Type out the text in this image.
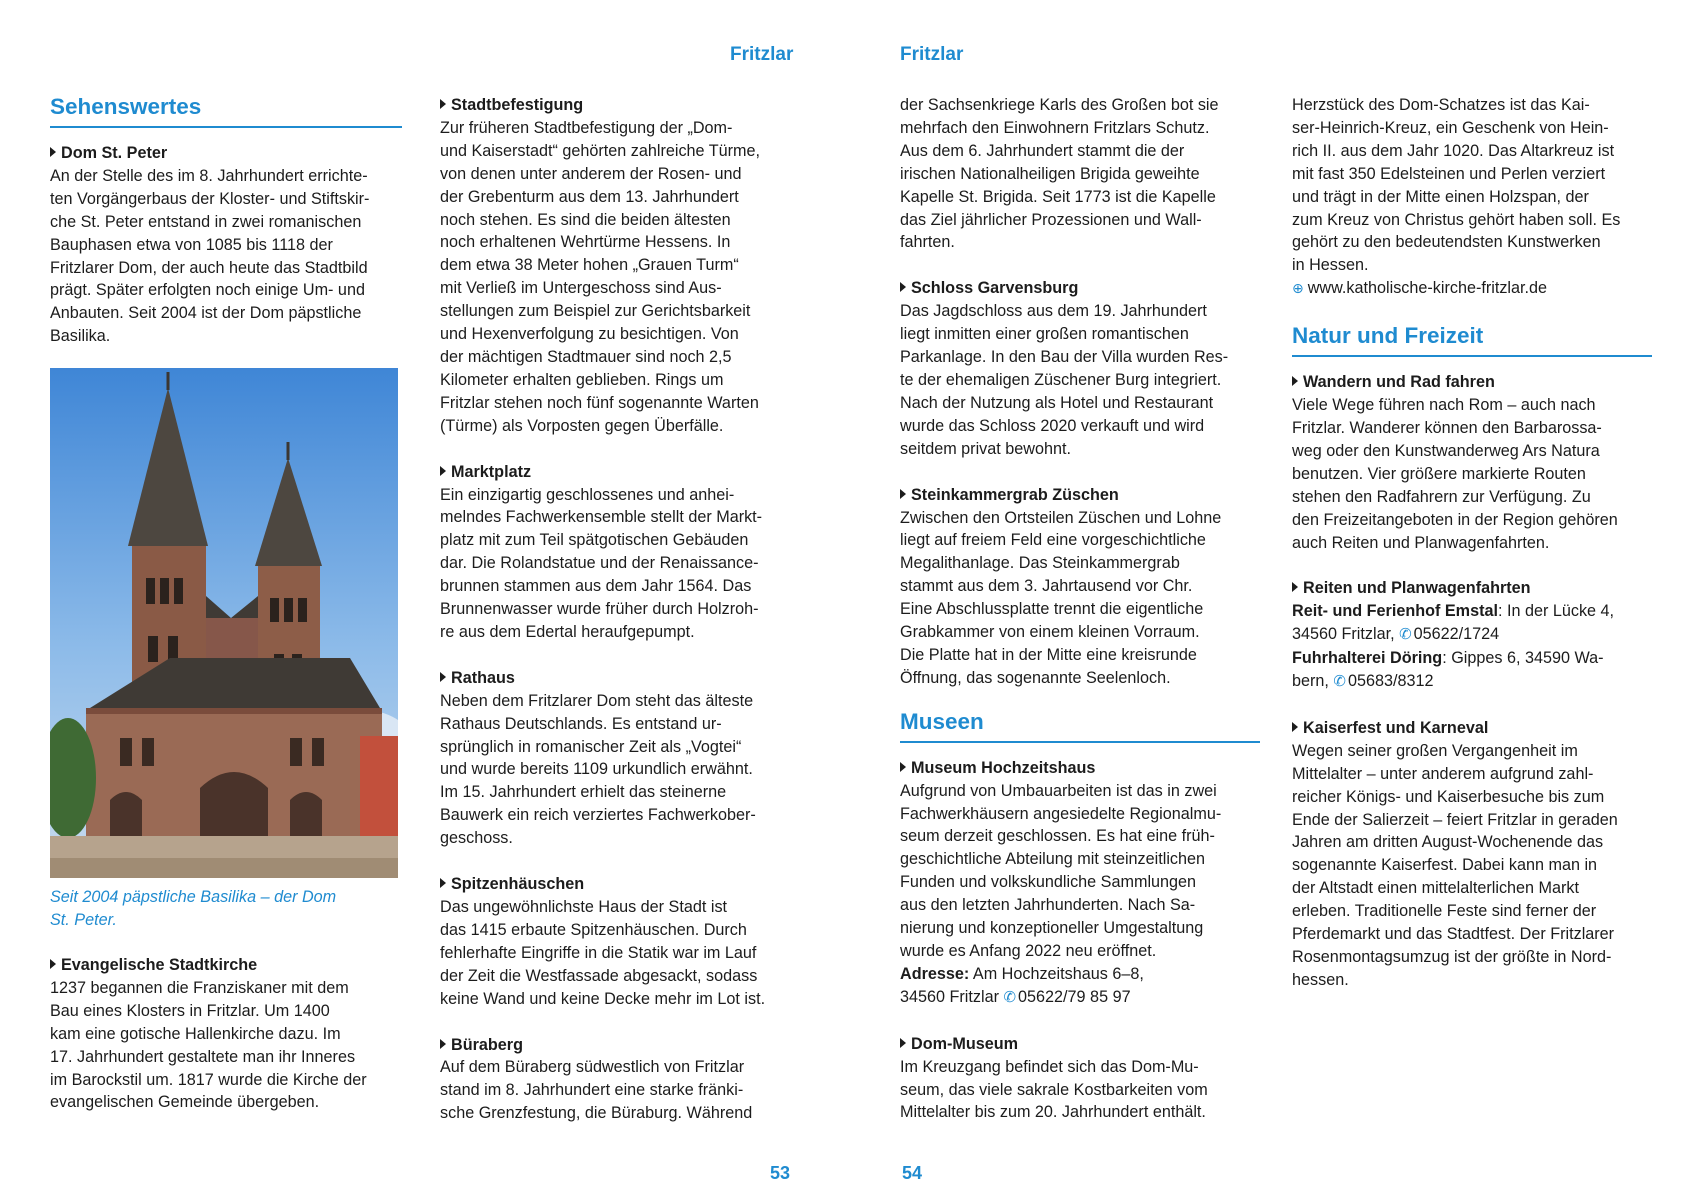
Fritzlar	Fritzlar
Sehenswertes
Dom St. Peter

An der Stelle des im 8. Jahrhundert errichte-

ten Vorgängerbaus der Kloster- und Stiftskir-

che St. Peter entstand in zwei romanischen

Bauphasen etwa von 1085 bis 1118 der

Fritzlarer Dom, der auch heute das Stadtbild

prägt. Später erfolgten noch einige Um- und

Anbauten. Seit 2004 ist der Dom päpstliche

Basilika.

Seit 2004 päpstliche Basilika – der Dom

St. Peter.

Evangelische Stadtkirche

1237 begannen die Franziskaner mit dem

Bau eines Klosters in Fritzlar. Um 1400

kam eine gotische Hallenkirche dazu. Im

17. Jahrhundert gestaltete man ihr Inneres

im Barockstil um. 1817 wurde die Kirche der

evangelischen Gemeinde übergeben.

Stadtbefestigung

Zur früheren Stadtbefestigung der „Dom-

und Kaiserstadt“ gehörten zahlreiche Türme,

von denen unter anderem der Rosen- und

der Grebenturm aus dem 13. Jahrhundert

noch stehen. Es sind die beiden ältesten

noch erhaltenen Wehrtürme Hessens. In

dem etwa 38 Meter hohen „Grauen Turm“

mit Verließ im Untergeschoss sind Aus-

stellungen zum Beispiel zur Gerichtsbarkeit

und Hexenverfolgung zu besichtigen. Von

der mächtigen Stadtmauer sind noch 2,5

Kilometer erhalten geblieben. Rings um

Fritzlar stehen noch fünf sogenannte Warten

(Türme) als Vorposten gegen Überfälle.

Marktplatz

Ein einzigartig geschlossenes und anhei-

melndes Fachwerkensemble stellt der Markt-

platz mit zum Teil spätgotischen Gebäuden

dar. Die Rolandstatue und der Renaissance-

brunnen stammen aus dem Jahr 1564. Das

Brunnenwasser wurde früher durch Holzroh-

re aus dem Edertal heraufgepumpt.

Rathaus

Neben dem Fritzlarer Dom steht das älteste

Rathaus Deutschlands. Es entstand ur-

sprünglich in romanischer Zeit als „Vogtei“

und wurde bereits 1109 urkundlich erwähnt.

Im 15. Jahrhundert erhielt das steinerne

Bauwerk ein reich verziertes Fachwerkober-

geschoss.

Spitzenhäuschen

Das ungewöhnlichste Haus der Stadt ist

das 1415 erbaute Spitzenhäuschen. Durch

fehlerhafte Eingriffe in die Statik war im Lauf

der Zeit die Westfassade abgesackt, sodass

keine Wand und keine Decke mehr im Lot ist.

Büraberg

Auf dem Büraberg südwestlich von Fritzlar

stand im 8. Jahrhundert eine starke fränki-

sche Grenzfestung, die Büraburg. Während

53	54

der Sachsenkriege Karls des Großen bot sie

mehrfach den Einwohnern Fritzlars Schutz.

Aus dem 6. Jahrhundert stammt die der

irischen Nationalheiligen Brigida geweihte

Kapelle St. Brigida. Seit 1773 ist die Kapelle

das Ziel jährlicher Prozessionen und Wall-

fahrten.

Schloss Garvensburg

Das Jagdschloss aus dem 19. Jahrhundert

liegt inmitten einer großen romantischen

Parkanlage. In den Bau der Villa wurden Res-

te der ehemaligen Züschener Burg integriert.

Nach der Nutzung als Hotel und Restaurant

wurde das Schloss 2020 verkauft und wird

seitdem privat bewohnt.

Steinkammergrab Züschen

Zwischen den Ortsteilen Züschen und Lohne

liegt auf freiem Feld eine vorgeschichtliche

Megalithanlage. Das Steinkammergrab

stammt aus dem 3. Jahrtausend vor Chr.

Eine Abschlussplatte trennt die eigentliche

Grabkammer von einem kleinen Vorraum.

Die Platte hat in der Mitte eine kreisrunde

Öffnung, das sogenannte Seelenloch.

Museen
Museum Hochzeitshaus

Aufgrund von Umbauarbeiten ist das in zwei

Fachwerkhäusern angesiedelte Regionalmu-

seum derzeit geschlossen. Es hat eine früh-

geschichtliche Abteilung mit steinzeitlichen

Funden und volkskundliche Sammlungen

aus den letzten Jahrhunderten. Nach Sa-

nierung und konzeptioneller Umgestaltung

wurde es Anfang 2022 neu eröffnet.

Adresse: Am Hochzeitshaus 6–8,

34560 Fritzlar ✆ 05622/79 85 97

Dom-Museum

Im Kreuzgang befindet sich das Dom-Mu-

seum, das viele sakrale Kostbarkeiten vom

Mittelalter bis zum 20. Jahrhundert enthält.

Herzstück des Dom-Schatzes ist das Kai-

ser-Heinrich-Kreuz, ein Geschenk von Hein-

rich II. aus dem Jahr 1020. Das Altarkreuz ist

mit fast 350 Edelsteinen und Perlen verziert

und trägt in der Mitte einen Holzspan, der

zum Kreuz von Christus gehört haben soll. Es

gehört zu den bedeutendsten Kunstwerken

in Hessen.

⊕ www.katholische-kirche-fritzlar.de

Natur und Freizeit
Wandern und Rad fahren

Viele Wege führen nach Rom – auch nach

Fritzlar. Wanderer können den Barbarossa-

weg oder den Kunstwanderweg Ars Natura

benutzen. Vier größere markierte Routen

stehen den Radfahrern zur Verfügung. Zu

den Freizeitangeboten in der Region gehören

auch Reiten und Planwagenfahrten.

Reiten und Planwagenfahrten

Reit- und Ferienhof Emstal: In der Lücke 4,

34560 Fritzlar, ✆ 05622/1724

Fuhrhalterei Döring: Gippes 6, 34590 Wa-

bern, ✆ 05683/8312

Kaiserfest und Karneval

Wegen seiner großen Vergangenheit im

Mittelalter – unter anderem aufgrund zahl-

reicher Königs- und Kaiserbesuche bis zum

Ende der Salierzeit – feiert Fritzlar in geraden

Jahren am dritten August-Wochenende das

sogenannte Kaiserfest. Dabei kann man in

der Altstadt einen mittelalterlichen Markt

erleben. Traditionelle Feste sind ferner der

Pferdemarkt und das Stadtfest. Der Fritzlarer

Rosenmontagsumzug ist der größte in Nord-

hessen.
